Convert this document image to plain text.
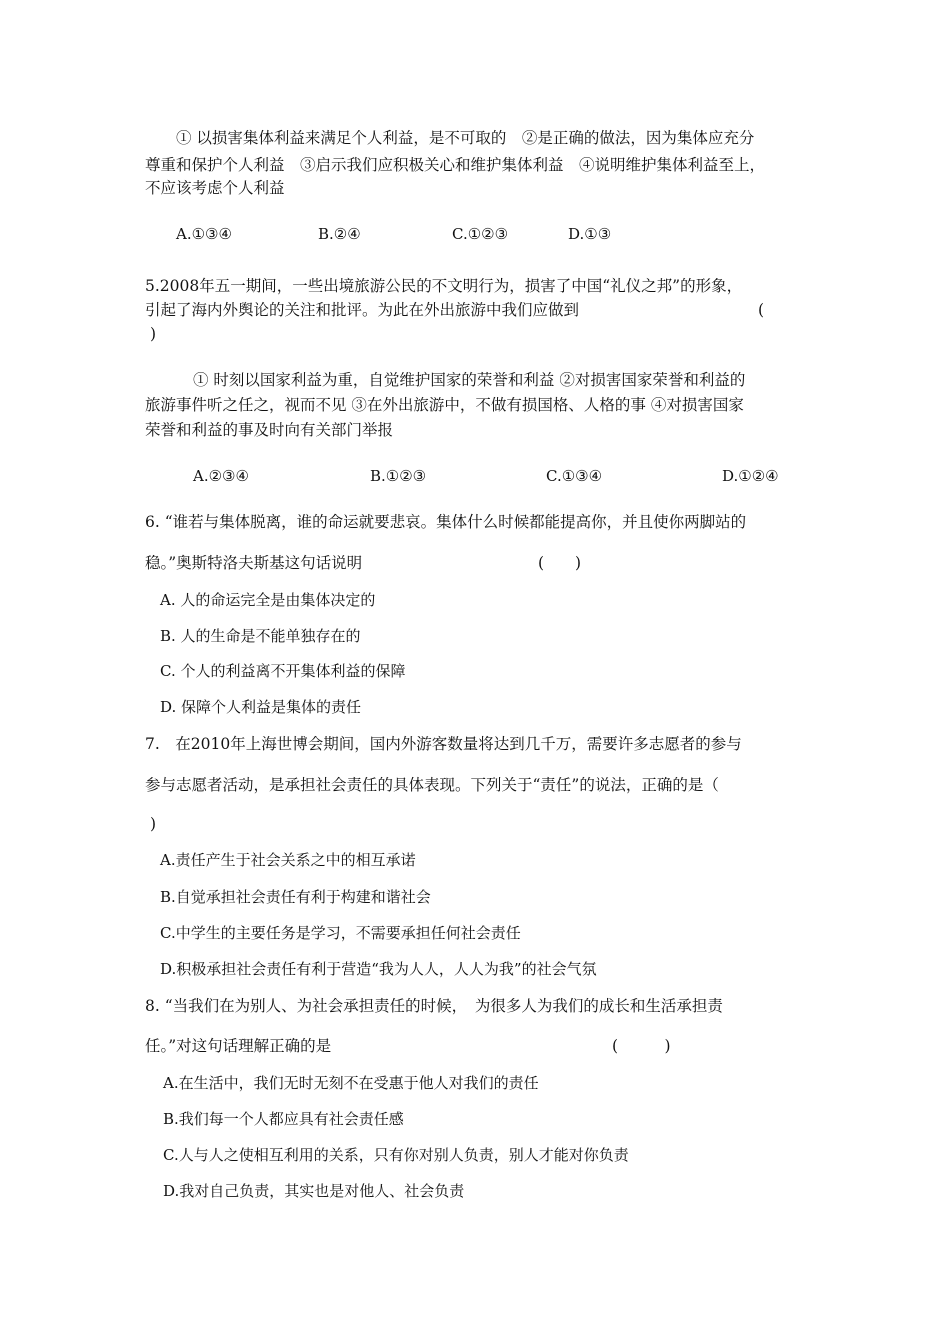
① 以损害集体利益来满足个人利益，是不可取的　②是正确的做法，因为集体应充分
尊重和保护个人利益　③启示我们应积极关心和维护集体利益　④说明维护集体利益至上，
不应该考虑个人利益
A.①③④	B.②④	C.①②③	D.①③
5.2008年五一期间，一些出境旅游公民的不文明行为，损害了中国“礼仪之邦”的形象，
引起了海内外舆论的关注和批评。为此在外出旅游中我们应做到	(
)
① 时刻以国家利益为重，自觉维护国家的荣誉和利益 ②对损害国家荣誉和利益的
旅游事件听之任之，视而不见 ③在外出旅游中，不做有损国格、人格的事 ④对损害国家
荣誉和利益的事及时向有关部门举报
A.②③④	B.①②③	C.①③④	D.①②④
6. “谁若与集体脱离，谁的命运就要悲哀。集体什么时候都能提高你，并且使你两脚站的
稳。”奥斯特洛夫斯基这句话说明	(　　)
A. 人的命运完全是由集体决定的
B. 人的生命是不能单独存在的
C. 个人的利益离不开集体利益的保障
D. 保障个人利益是集体的责任
7.　在2010年上海世博会期间，国内外游客数量将达到几千万，需要许多志愿者的参与
参与志愿者活动，是承担社会责任的具体表现。下列关于“责任”的说法，正确的是（
)
A.责任产生于社会关系之中的相互承诺
B.自觉承担社会责任有利于构建和谐社会
C.中学生的主要任务是学习，不需要承担任何社会责任
D.积极承担社会责任有利于营造“我为人人，人人为我”的社会气氛
8. “当我们在为别人、为社会承担责任的时候，　为很多人为我们的成长和生活承担责
任。”对这句话理解正确的是	(　　　)
A.在生活中，我们无时无刻不在受惠于他人对我们的责任
B.我们每一个人都应具有社会责任感
C.人与人之使相互利用的关系，只有你对别人负责，别人才能对你负责
D.我对自己负责，其实也是对他人、社会负责
